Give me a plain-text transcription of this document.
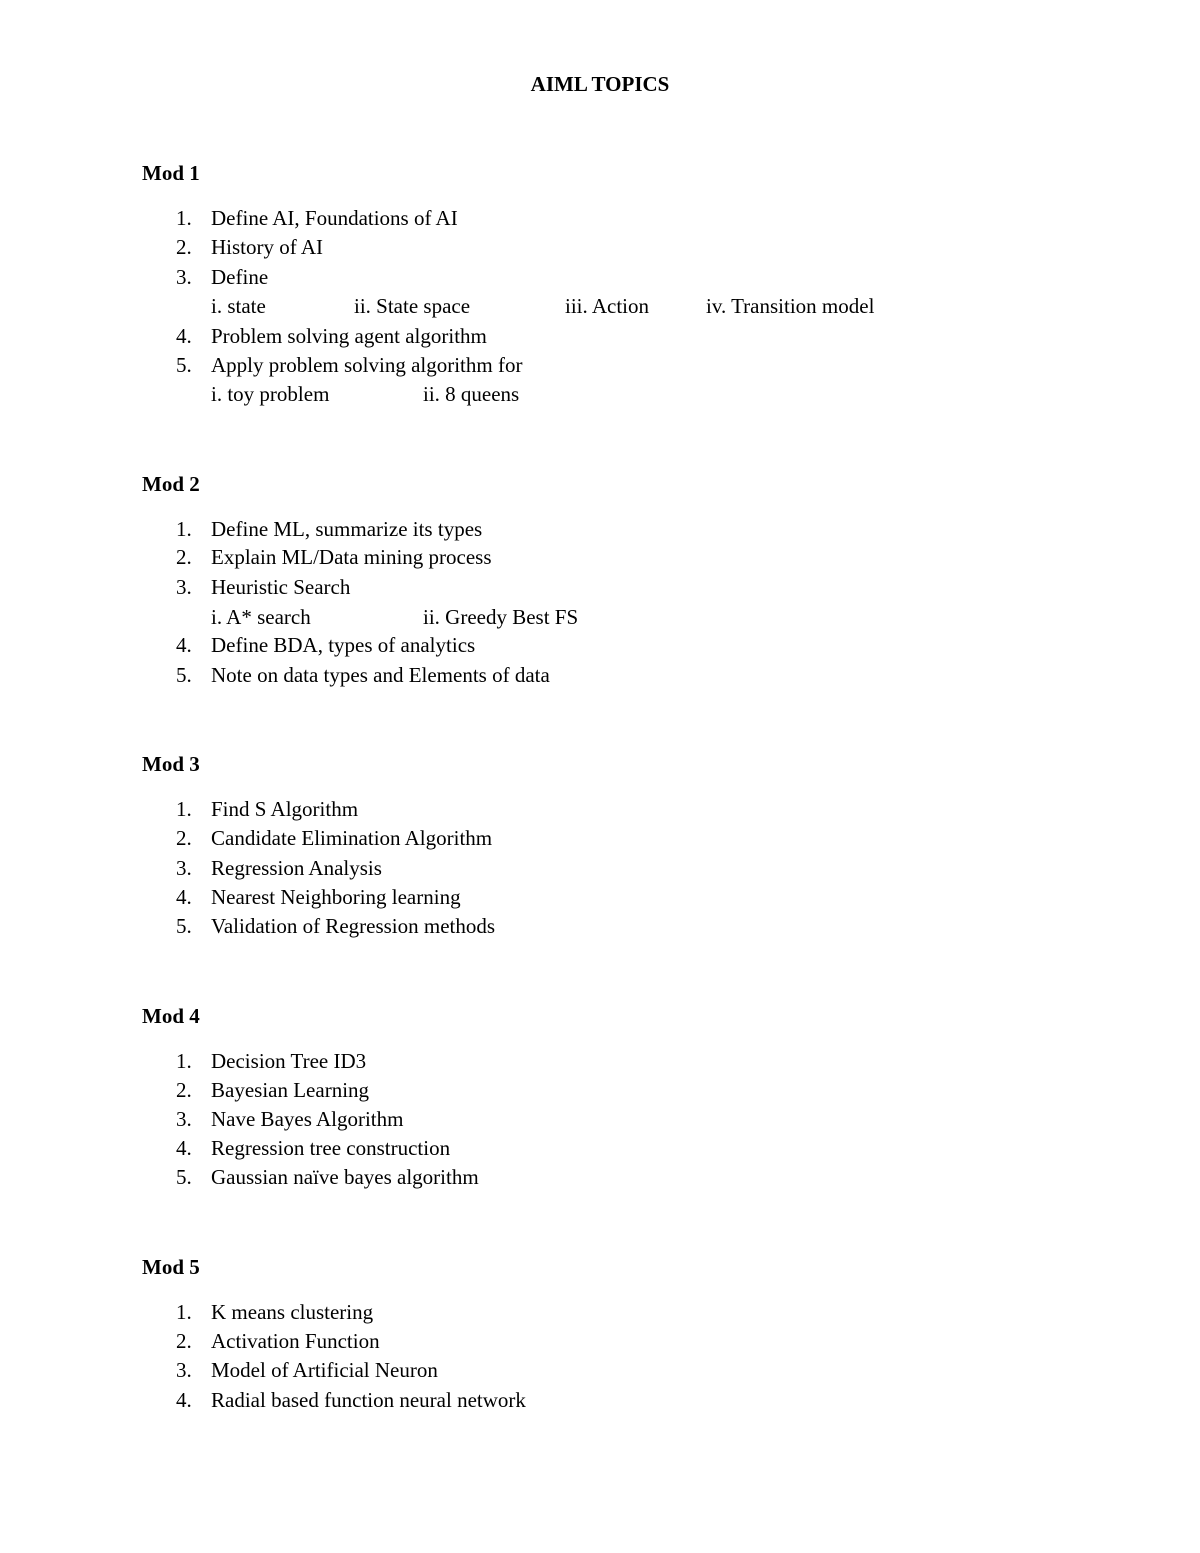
AIML TOPICS
Mod 1
1. Define AI, Foundations of AI
2. History of AI
3. Define
i. state	ii. State space	iii. Action	iv. Transition model
4. Problem solving agent algorithm
5. Apply problem solving algorithm for
i. toy problem	ii. 8 queens
Mod 2
1. Define ML, summarize its types
2. Explain ML/Data mining process
3. Heuristic Search
i. A* search	ii. Greedy Best FS
4. Define BDA, types of analytics
5. Note on data types and Elements of data
Mod 3
1. Find S Algorithm
2. Candidate Elimination Algorithm
3. Regression Analysis
4. Nearest Neighboring learning
5. Validation of Regression methods
Mod 4
1. Decision Tree ID3
2. Bayesian Learning
3. Nave Bayes Algorithm
4. Regression tree construction
5. Gaussian naïve bayes algorithm
Mod 5
1. K means clustering
2. Activation Function
3. Model of Artificial Neuron
4. Radial based function neural network
